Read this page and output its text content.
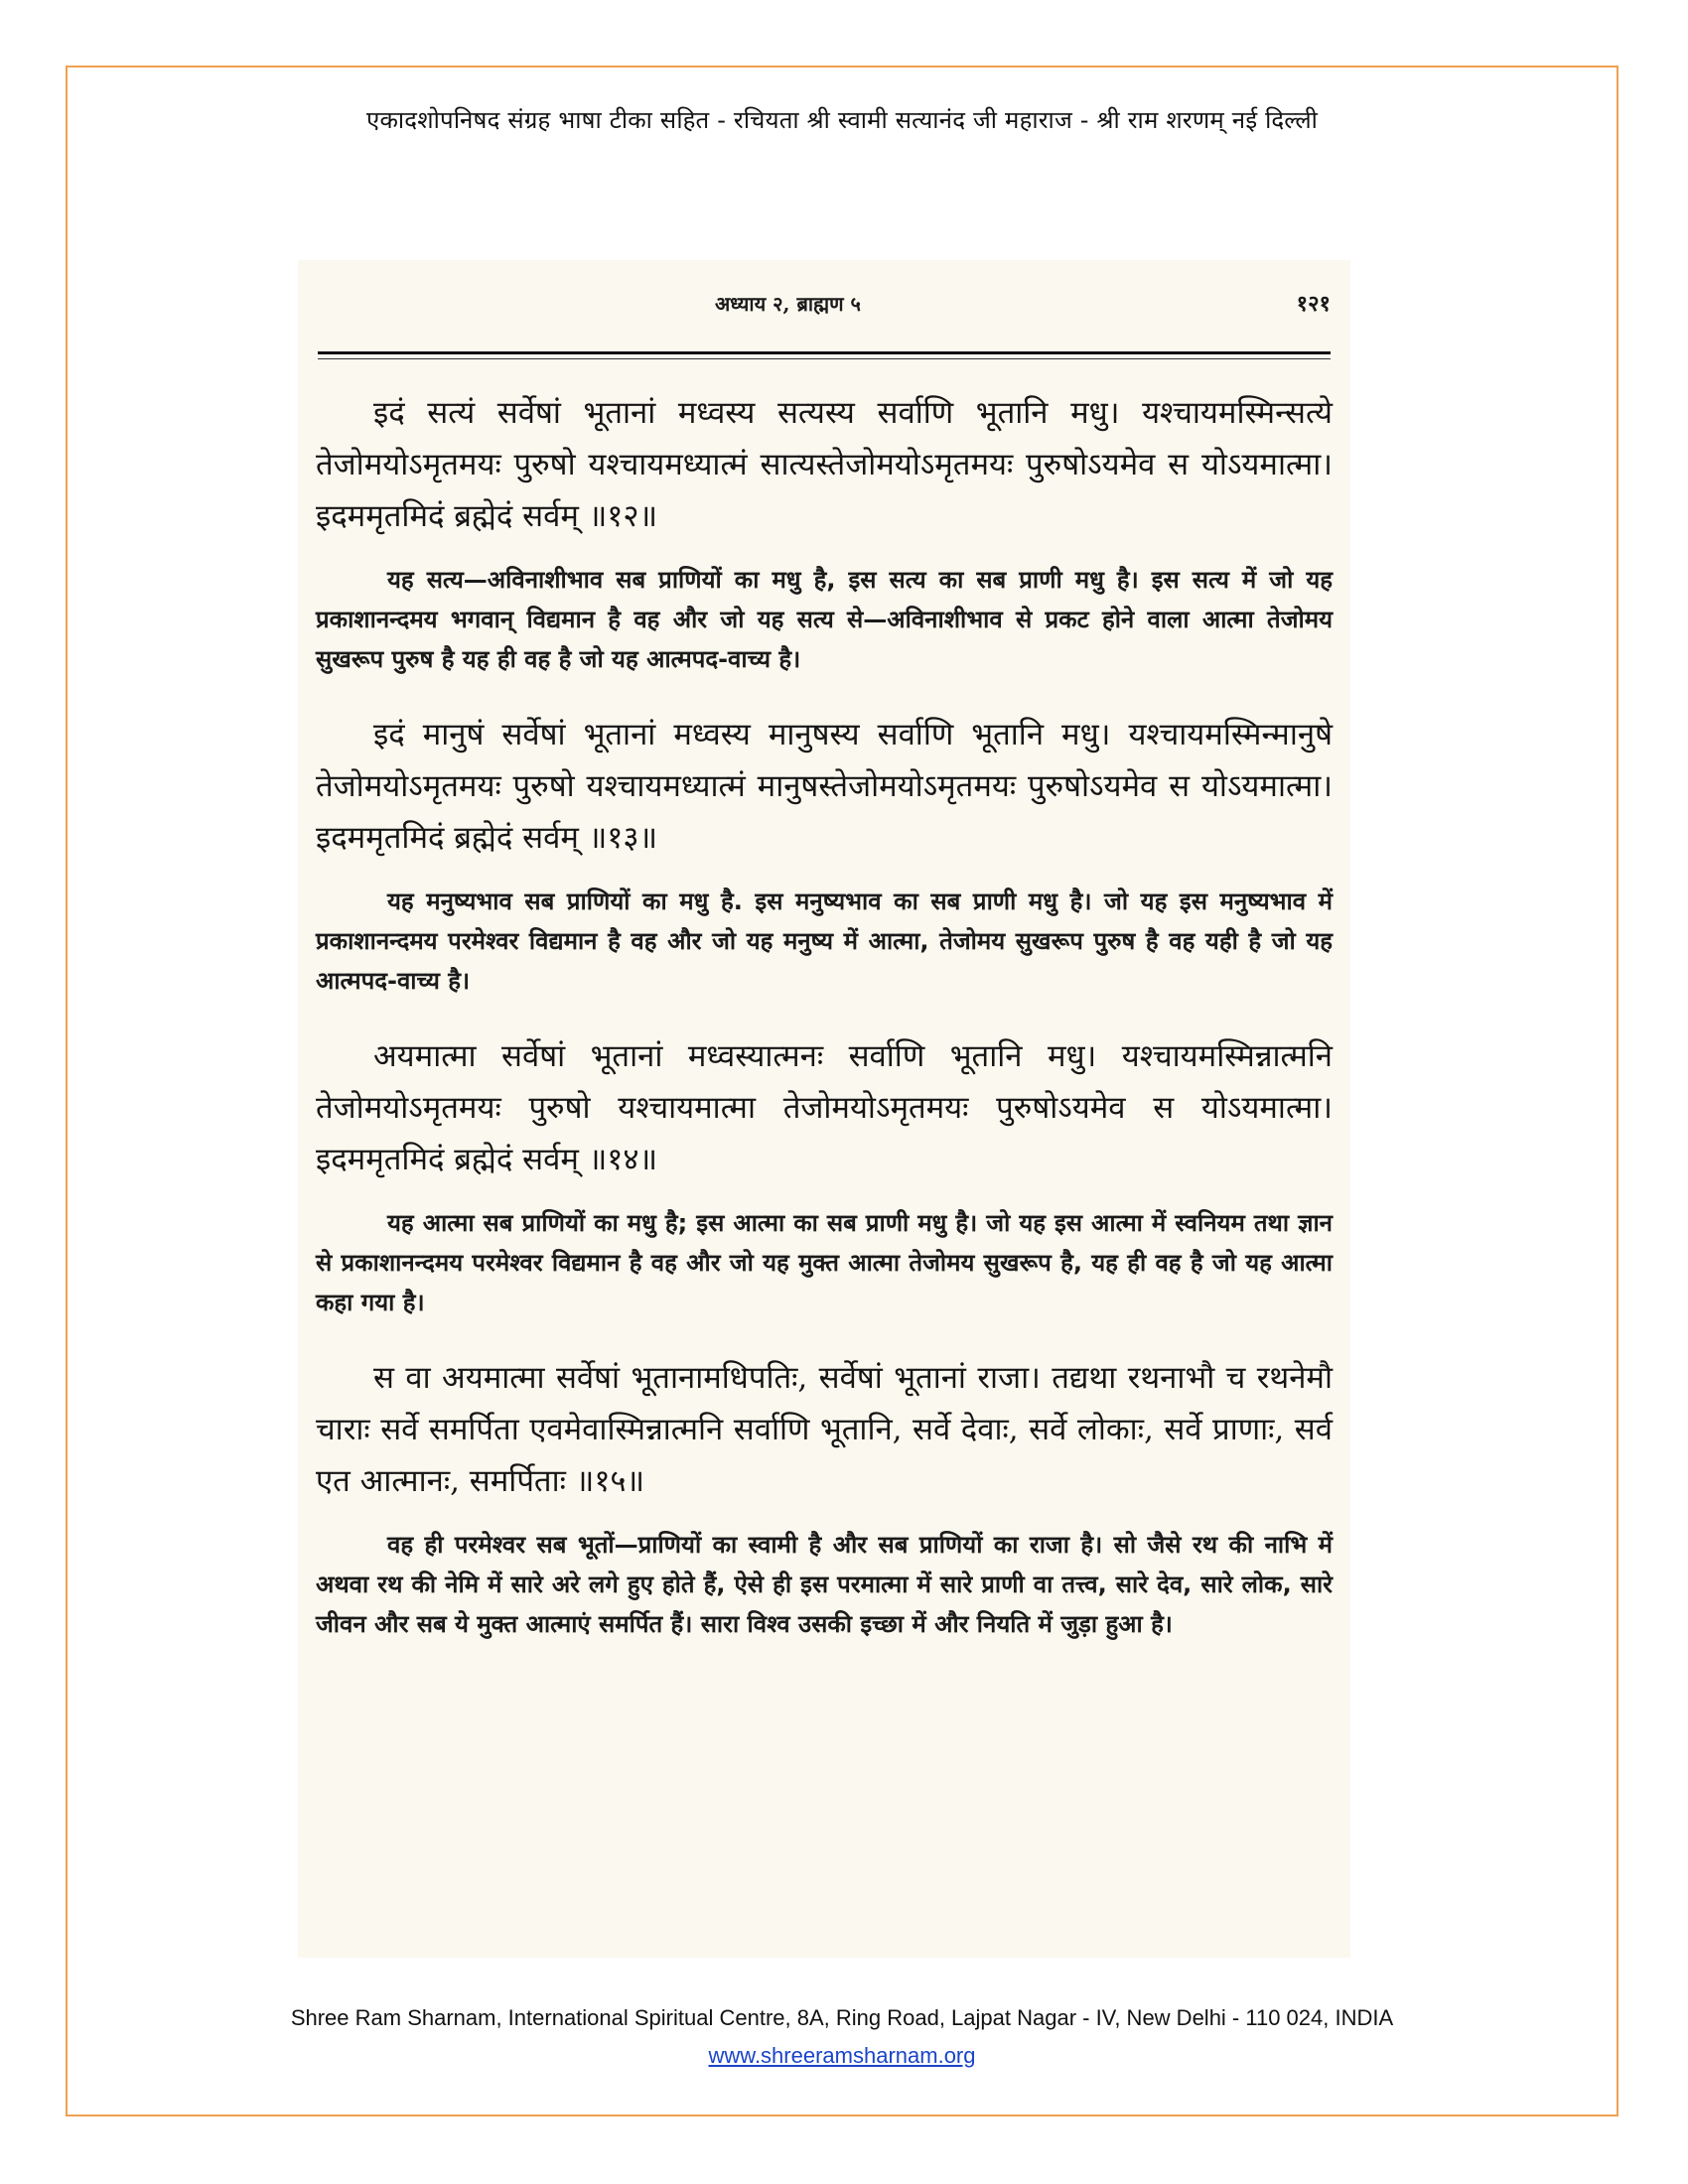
एकादशोपनिषद संग्रह भाषा टीका सहित - रचियता श्री स्वामी सत्यानंद जी महाराज - श्री राम शरणम् नई दिल्ली
अध्याय २, ब्राह्मण ५	१२१

इदं सत्यं सर्वेषां भूतानां मध्वस्य सत्यस्य सर्वाणि भूतानि मधु। यश्चायमस्मिन्सत्ये तेजोमयोऽमृतमयः पुरुषो यश्चायमध्यात्मं सात्यस्तेजोमयोऽमृतमयः पुरुषोऽयमेव स योऽयमात्मा। इदममृतमिदं ब्रह्मेदं सर्वम् ॥१२॥

यह सत्य—अविनाशीभाव सब प्राणियों का मधु है, इस सत्य का सब प्राणी मधु है। इस सत्य में जो यह प्रकाशानन्दमय भगवान् विद्यमान है वह और जो यह सत्य से—अविनाशीभाव से प्रकट होने वाला आत्मा तेजोमय सुखरूप पुरुष है यह ही वह है जो यह आत्मपद-वाच्य है।

इदं मानुषं सर्वेषां भूतानां मध्वस्य मानुषस्य सर्वाणि भूतानि मधु। यश्चायमस्मिन्मानुषे तेजोमयोऽमृतमयः पुरुषो यश्चायमध्यात्मं मानुषस्तेजोमयोऽमृतमयः पुरुषोऽयमेव स योऽयमात्मा। इदममृतमिदं ब्रह्मेदं सर्वम् ॥१३॥

यह मनुष्यभाव सब प्राणियों का मधु है. इस मनुष्यभाव का सब प्राणी मधु है। जो यह इस मनुष्यभाव में प्रकाशानन्दमय परमेश्वर विद्यमान है वह और जो यह मनुष्य में आत्मा, तेजोमय सुखरूप पुरुष है वह यही है जो यह आत्मपद-वाच्य है।

अयमात्मा सर्वेषां भूतानां मध्वस्यात्मनः सर्वाणि भूतानि मधु। यश्चायमस्मिन्नात्मनि तेजोमयोऽमृतमयः पुरुषो यश्चायमात्मा तेजोमयोऽमृतमयः पुरुषोऽयमेव स योऽयमात्मा। इदममृतमिदं ब्रह्मेदं सर्वम् ॥१४॥

यह आत्मा सब प्राणियों का मधु है; इस आत्मा का सब प्राणी मधु है। जो यह इस आत्मा में स्वनियम तथा ज्ञान से प्रकाशानन्दमय परमेश्वर विद्यमान है वह और जो यह मुक्त आत्मा तेजोमय सुखरूप है, यह ही वह है जो यह आत्मा कहा गया है।

स वा अयमात्मा सर्वेषां भूतानामधिपतिः, सर्वेषां भूतानां राजा। तद्यथा रथनाभौ च रथनेमौ चाराः सर्वे समर्पिता एवमेवास्मिन्नात्मनि सर्वाणि भूतानि, सर्वे देवाः, सर्वे लोकाः, सर्वे प्राणाः, सर्व एत आत्मानः, समर्पिताः ॥१५॥

वह ही परमेश्वर सब भूतों—प्राणियों का स्वामी है और सब प्राणियों का राजा है। सो जैसे रथ की नाभि में अथवा रथ की नेमि में सारे अरे लगे हुए होते हैं, ऐसे ही इस परमात्मा में सारे प्राणी वा तत्त्व, सारे देव, सारे लोक, सारे जीवन और सब ये मुक्त आत्माएं समर्पित हैं। सारा विश्व उसकी इच्छा में और नियति में जुड़ा हुआ है।

Shree Ram Sharnam, International Spiritual Centre, 8A, Ring Road, Lajpat Nagar - IV, New Delhi - 110 024, INDIA
www.shreeramsharnam.org
